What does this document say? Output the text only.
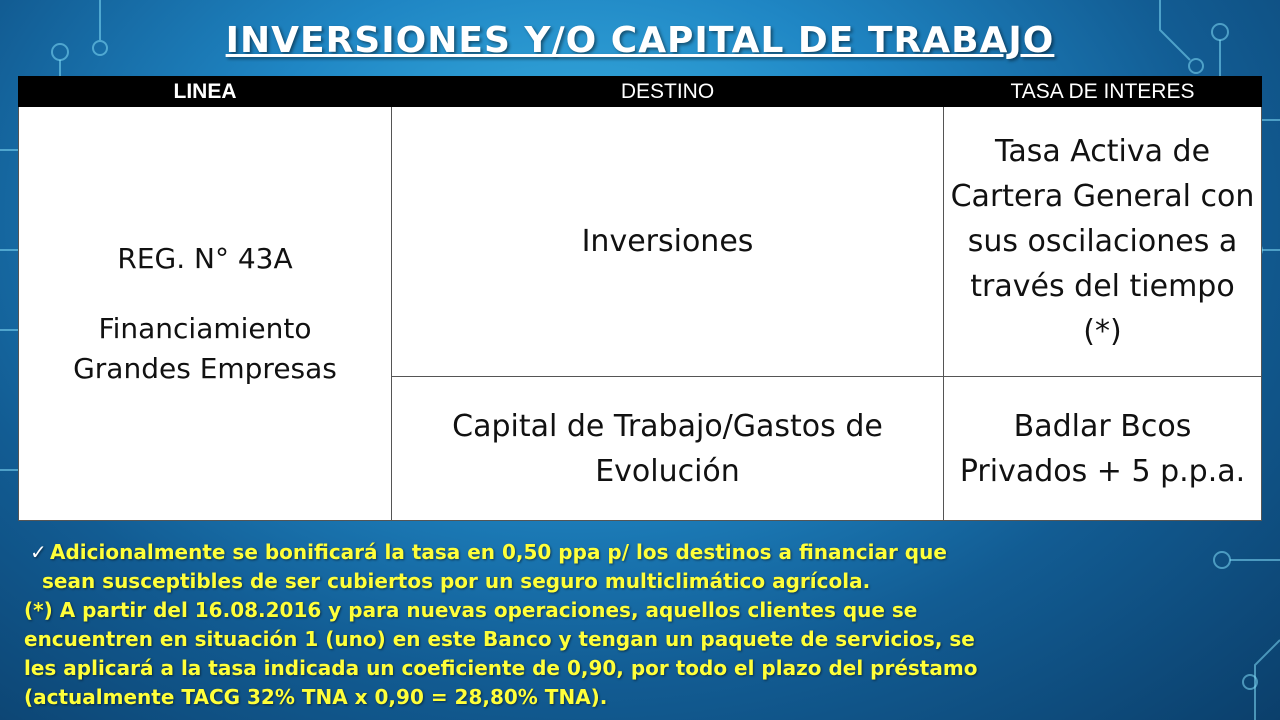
INVERSIONES Y/O CAPITAL DE TRABAJO
LINEA	DESTINO	TASA DE INTERES
REG. N° 43A
Financiamiento
Grandes Empresas	Inversiones	Tasa Activa de Cartera General con sus oscilaciones a través del tiempo (*)
	Capital de Trabajo/Gastos de Evolución	Badlar Bcos Privados + 5 p.p.a.
✓ Adicionalmente se bonificará la tasa en 0,50 ppa p/ los destinos a financiar que
sean susceptibles de ser cubiertos por un seguro multiclimático agrícola.
(*) A partir del 16.08.2016 y para nuevas operaciones, aquellos clientes que se
encuentren en situación 1 (uno) en este Banco y tengan un paquete de servicios, se
les aplicará a la tasa indicada un coeficiente de 0,90, por todo el plazo del préstamo
(actualmente TACG 32% TNA x 0,90 = 28,80% TNA).
